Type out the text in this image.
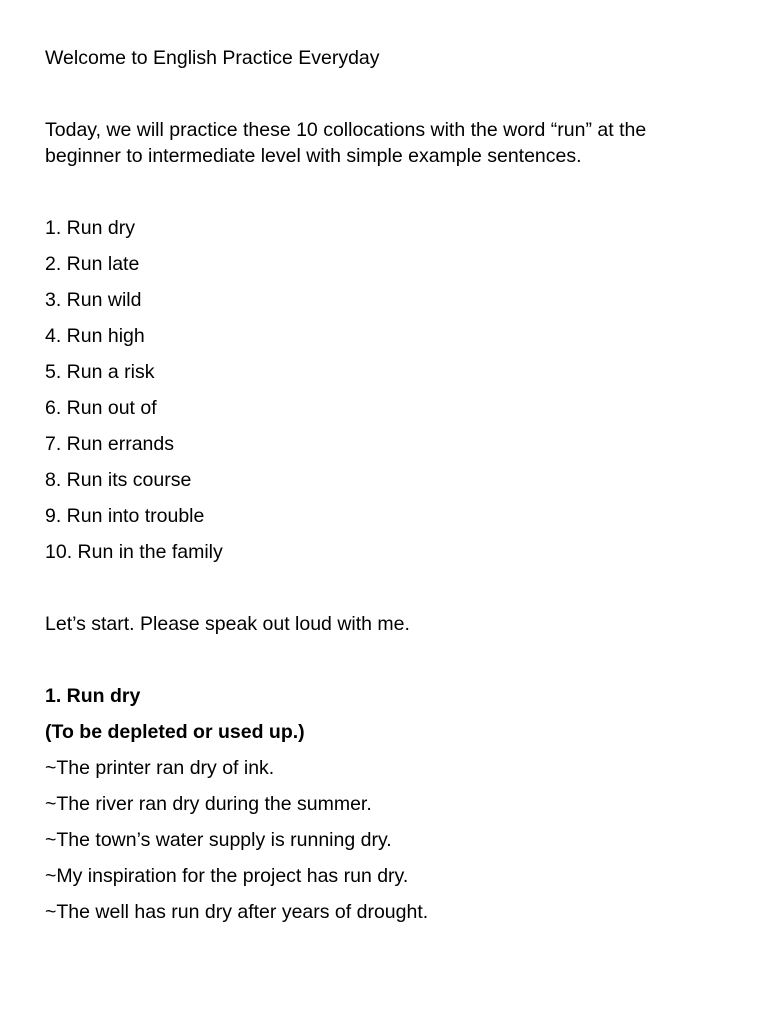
Welcome to English Practice Everyday
Today, we will practice these 10 collocations with the word “run” at the beginner to intermediate level with simple example sentences.
1. Run dry
2. Run late
3. Run wild
4. Run high
5. Run a risk
6. Run out of
7. Run errands
8. Run its course
9. Run into trouble
10. Run in the family
Let’s start. Please speak out loud with me.
1. Run dry
(To be depleted or used up.)
~The printer ran dry of ink.
~The river ran dry during the summer.
~The town’s water supply is running dry.
~My inspiration for the project has run dry.
~The well has run dry after years of drought.
